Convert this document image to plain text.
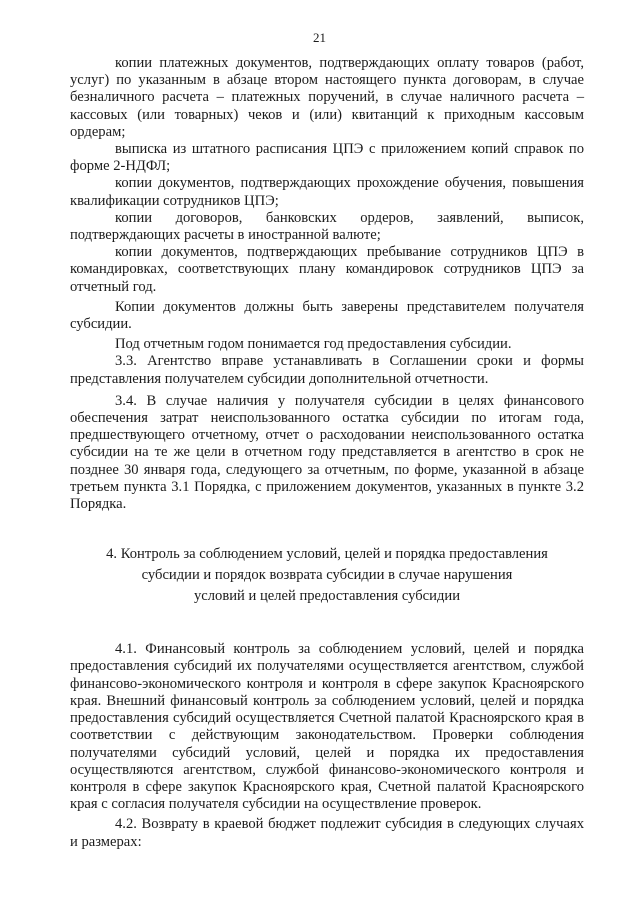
21

копии платежных документов, подтверждающих оплату товаров (работ, услуг) по указанным в абзаце втором настоящего пункта договорам, в случае безналичного расчета – платежных поручений, в случае наличного расчета – кассовых (или товарных) чеков и (или) квитанций к приходным кассовым ордерам;

выписка из штатного расписания ЦПЭ с приложением копий справок по форме 2-НДФЛ;

копии документов, подтверждающих прохождение обучения, повышения квалификации сотрудников ЦПЭ;

копии договоров, банковских ордеров, заявлений, выписок, подтверждающих расчеты в иностранной валюте;

копии документов, подтверждающих пребывание сотрудников ЦПЭ в командировках, соответствующих плану командировок сотрудников ЦПЭ за отчетный год.

Копии документов должны быть заверены представителем получателя субсидии.

Под отчетным годом понимается год предоставления субсидии.

3.3. Агентство вправе устанавливать в Соглашении сроки и формы представления получателем субсидии дополнительной отчетности.

3.4. В случае наличия у получателя субсидии в целях финансового обеспечения затрат неиспользованного остатка субсидии по итогам года, предшествующего отчетному, отчет о расходовании неиспользованного остатка субсидии на те же цели в отчетном году представляется в агентство в срок не позднее 30 января года, следующего за отчетным, по форме, указанной в абзаце третьем пункта 3.1 Порядка, с приложением документов, указанных в пункте 3.2 Порядка.

4. Контроль за соблюдением условий, целей и порядка предоставления
субсидии и порядок возврата субсидии в случае нарушения
условий и целей предоставления субсидии

4.1. Финансовый контроль за соблюдением условий, целей и порядка предоставления субсидий их получателями осуществляется агентством, службой финансово-экономического контроля и контроля в сфере закупок Красноярского края. Внешний финансовый контроль за соблюдением условий, целей и порядка предоставления субсидий осуществляется Счетной палатой Красноярского края в соответствии с действующим законодательством. Проверки соблюдения получателями субсидий условий, целей и порядка их предоставления осуществляются агентством, службой финансово-экономического контроля и контроля в сфере закупок Красноярского края, Счетной палатой Красноярского края с согласия получателя субсидии на осуществление проверок.

4.2. Возврату в краевой бюджет подлежит субсидия в следующих случаях и размерах:
